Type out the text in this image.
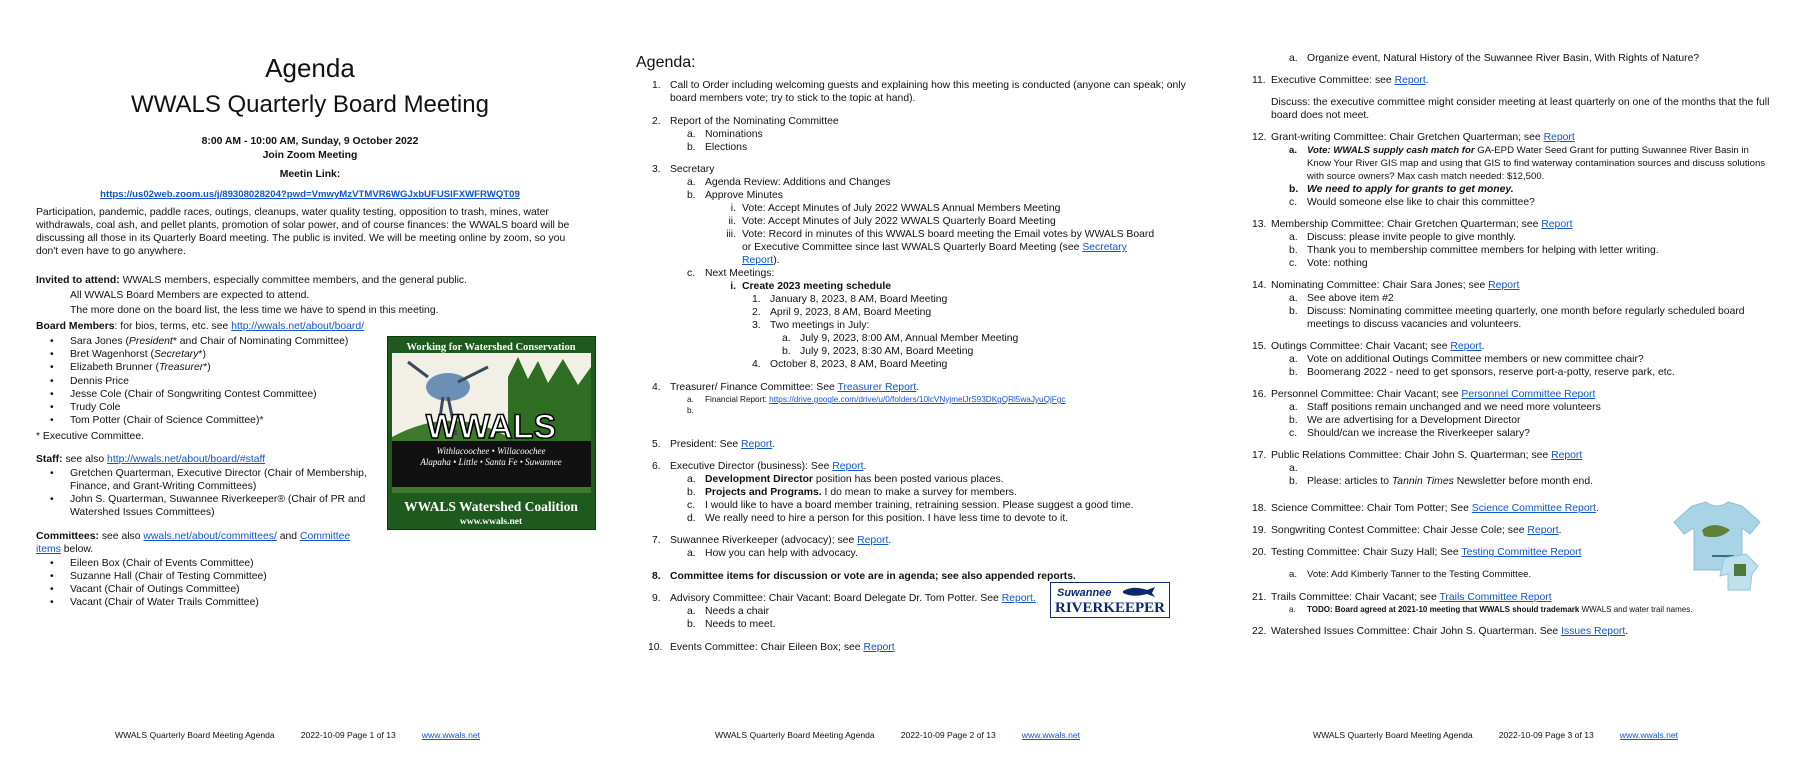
Agenda
WWALS Quarterly Board Meeting
8:00 AM - 10:00 AM, Sunday, 9 October 2022
Join Zoom Meeting
Meetin Link:
https://us02web.zoom.us/j/89308028204?pwd=VmwyMzVTMVR6WGJxbUFUSlFXWFRWQT09

Participation, pandemic, paddle races, outings, cleanups, water quality testing, opposition to trash, mines, water withdrawals, coal ash, and pellet plants, promotion of solar power, and of course finances: the WWALS board will be discussing all those in its Quarterly Board meeting. The public is invited. We will be meeting online by zoom, so you don't even have to go anywhere.

Invited to attend: WWALS members, especially committee members, and the general public.
All WWALS Board Members are expected to attend.
The more done on the board list, the less time we have to spend in this meeting.
Board Members: for bios, terms, etc. see http://wwals.net/about/board/
•	Sara Jones (President* and Chair of Nominating Committee)
•	Bret Wagenhorst (Secretary*)
•	Elizabeth Brunner (Treasurer*)
•	Dennis Price
•	Jesse Cole (Chair of Songwriting Contest Committee)
•	Trudy Cole
•	Tom Potter (Chair of Science Committee)*
* Executive Committee.
Staff: see also http://wwals.net/about/board/#staff
•	Gretchen Quarterman, Executive Director (Chair of Membership, Finance, and Grant-Writing Committees)
•	John S. Quarterman, Suwannee Riverkeeper® (Chair of PR and Watershed Issues Committees)
Committees: see also wwals.net/about/committees/ and Committee items below.
•	Eileen Box (Chair of Events Committee)
•	Suzanne Hall (Chair of Testing Committee)
•	Vacant (Chair of Outings Committee)
•	Vacant (Chair of Water Trails Committee)
Working for Watershed Conservation
WWALS
Withlacoochee • Willacoochee
Alapaha • Little • Santa Fe • Suwannee
WWALS Watershed Coalition
www.wwals.net
WWALS Quarterly Board Meeting Agenda	2022-10-09 Page 1 of 13	www.wwals.net
Agenda:
1. Call to Order including welcoming guests and explaining how this meeting is conducted (anyone can speak; only board members vote; try to stick to the topic at hand).
2. Report of the Nominating Committee
a. Nominations
b. Elections
3. Secretary
a. Agenda Review: Additions and Changes
b. Approve Minutes
i. Vote: Accept Minutes of July 2022 WWALS Annual Members Meeting
ii. Vote: Accept Minutes of July 2022 WWALS Quarterly Board Meeting
iii. Vote: Record in minutes of this WWALS board meeting the Email votes by WWALS Board or Executive Committee since last WWALS Quarterly Board Meeting (see Secretary Report).
c. Next Meetings:
i. Create 2023 meeting schedule
1. January 8, 2023, 8 AM, Board Meeting
2. April 9, 2023, 8 AM, Board Meeting
3. Two meetings in July:
a. July 9, 2023, 8:00 AM, Annual Member Meeting
b. July 9, 2023, 8:30 AM, Board Meeting
4. October 8, 2023, 8 AM, Board Meeting
4. Treasurer/ Finance Committee: See Treasurer Report.
a.	Financial Report: https://drive.google.com/drive/u/0/folders/10lcVNyjmelJrS93DKgQRl5waJyuQjFgc
b.
5. President: See Report.
6. Executive Director (business): See Report.
a. Development Director position has been posted various places.
b. Projects and Programs. I do mean to make a survey for members.
c. I would like to have a board member training, retraining session. Please suggest a good time.
d. We really need to hire a person for this position. I have less time to devote to it.
7. Suwannee Riverkeeper (advocacy); see Report.
a. How you can help with advocacy.
8. Committee items for discussion or vote are in agenda; see also appended reports.
9. Advisory Committee: Chair Vacant: Board Delegate Dr. Tom Potter. See Report.
a. Needs a chair
b. Needs to meet.
10. Events Committee: Chair Eileen Box; see Report
Suwannee
RIVERKEEPER
WWALS Quarterly Board Meeting Agenda	2022-10-09 Page 2 of 13	www.wwals.net
a. Organize event, Natural History of the Suwannee River Basin, With Rights of Nature?
11. Executive Committee: see Report.

Discuss: the executive committee might consider meeting at least quarterly on one of the months that the full board does not meet.

12. Grant-writing Committee: Chair Gretchen Quarterman; see Report
a.	Vote: WWALS supply cash match for GA-EPD Water Seed Grant for putting Suwannee River Basin in Know Your River GIS map and using that GIS to find waterway contamination sources and discuss solutions with source owners? Max cash match needed: $12,500.
b. We need to apply for grants to get money.
c. Would someone else like to chair this committee?
13. Membership Committee: Chair Gretchen Quarterman; see Report
a. Discuss: please invite people to give monthly.
b. Thank you to membership committee members for helping with letter writing.
c. Vote: nothing
14. Nominating Committee: Chair Sara Jones; see Report
a. See above item #2
b. Discuss: Nominating committee meeting quarterly, one month before regularly scheduled board meetings to discuss vacancies and volunteers.
15. Outings Committee: Chair Vacant; see Report.
a. Vote on additional Outings Committee members or new committee chair?
b. Boomerang 2022 - need to get sponsors, reserve port-a-potty, reserve park, etc.
16. Personnel Committee: Chair Vacant; see Personnel Committee Report
a. Staff positions remain unchanged and we need more volunteers
b. We are advertising for a Development Director
c. Should/can we increase the Riverkeeper salary?
17. Public Relations Committee: Chair John S. Quarterman; see Report
a.
b. Please: articles to Tannin Times Newsletter before month end.
18. Science Committee: Chair Tom Potter; See Science Committee Report.
19. Songwriting Contest Committee: Chair Jesse Cole; see Report.
20. Testing Committee: Chair Suzy Hall; See Testing Committee Report
a.	Vote: Add Kimberly Tanner to the Testing Committee.
21. Trails Committee: Chair Vacant; see Trails Committee Report
a.	TODO: Board agreed at 2021-10 meeting that WWALS should trademark WWALS and water trail names.
22. Watershed Issues Committee: Chair John S. Quarterman. See Issues Report.
WWALS Quarterly Board Meeting Agenda	2022-10-09 Page 3 of 13	www.wwals.net
